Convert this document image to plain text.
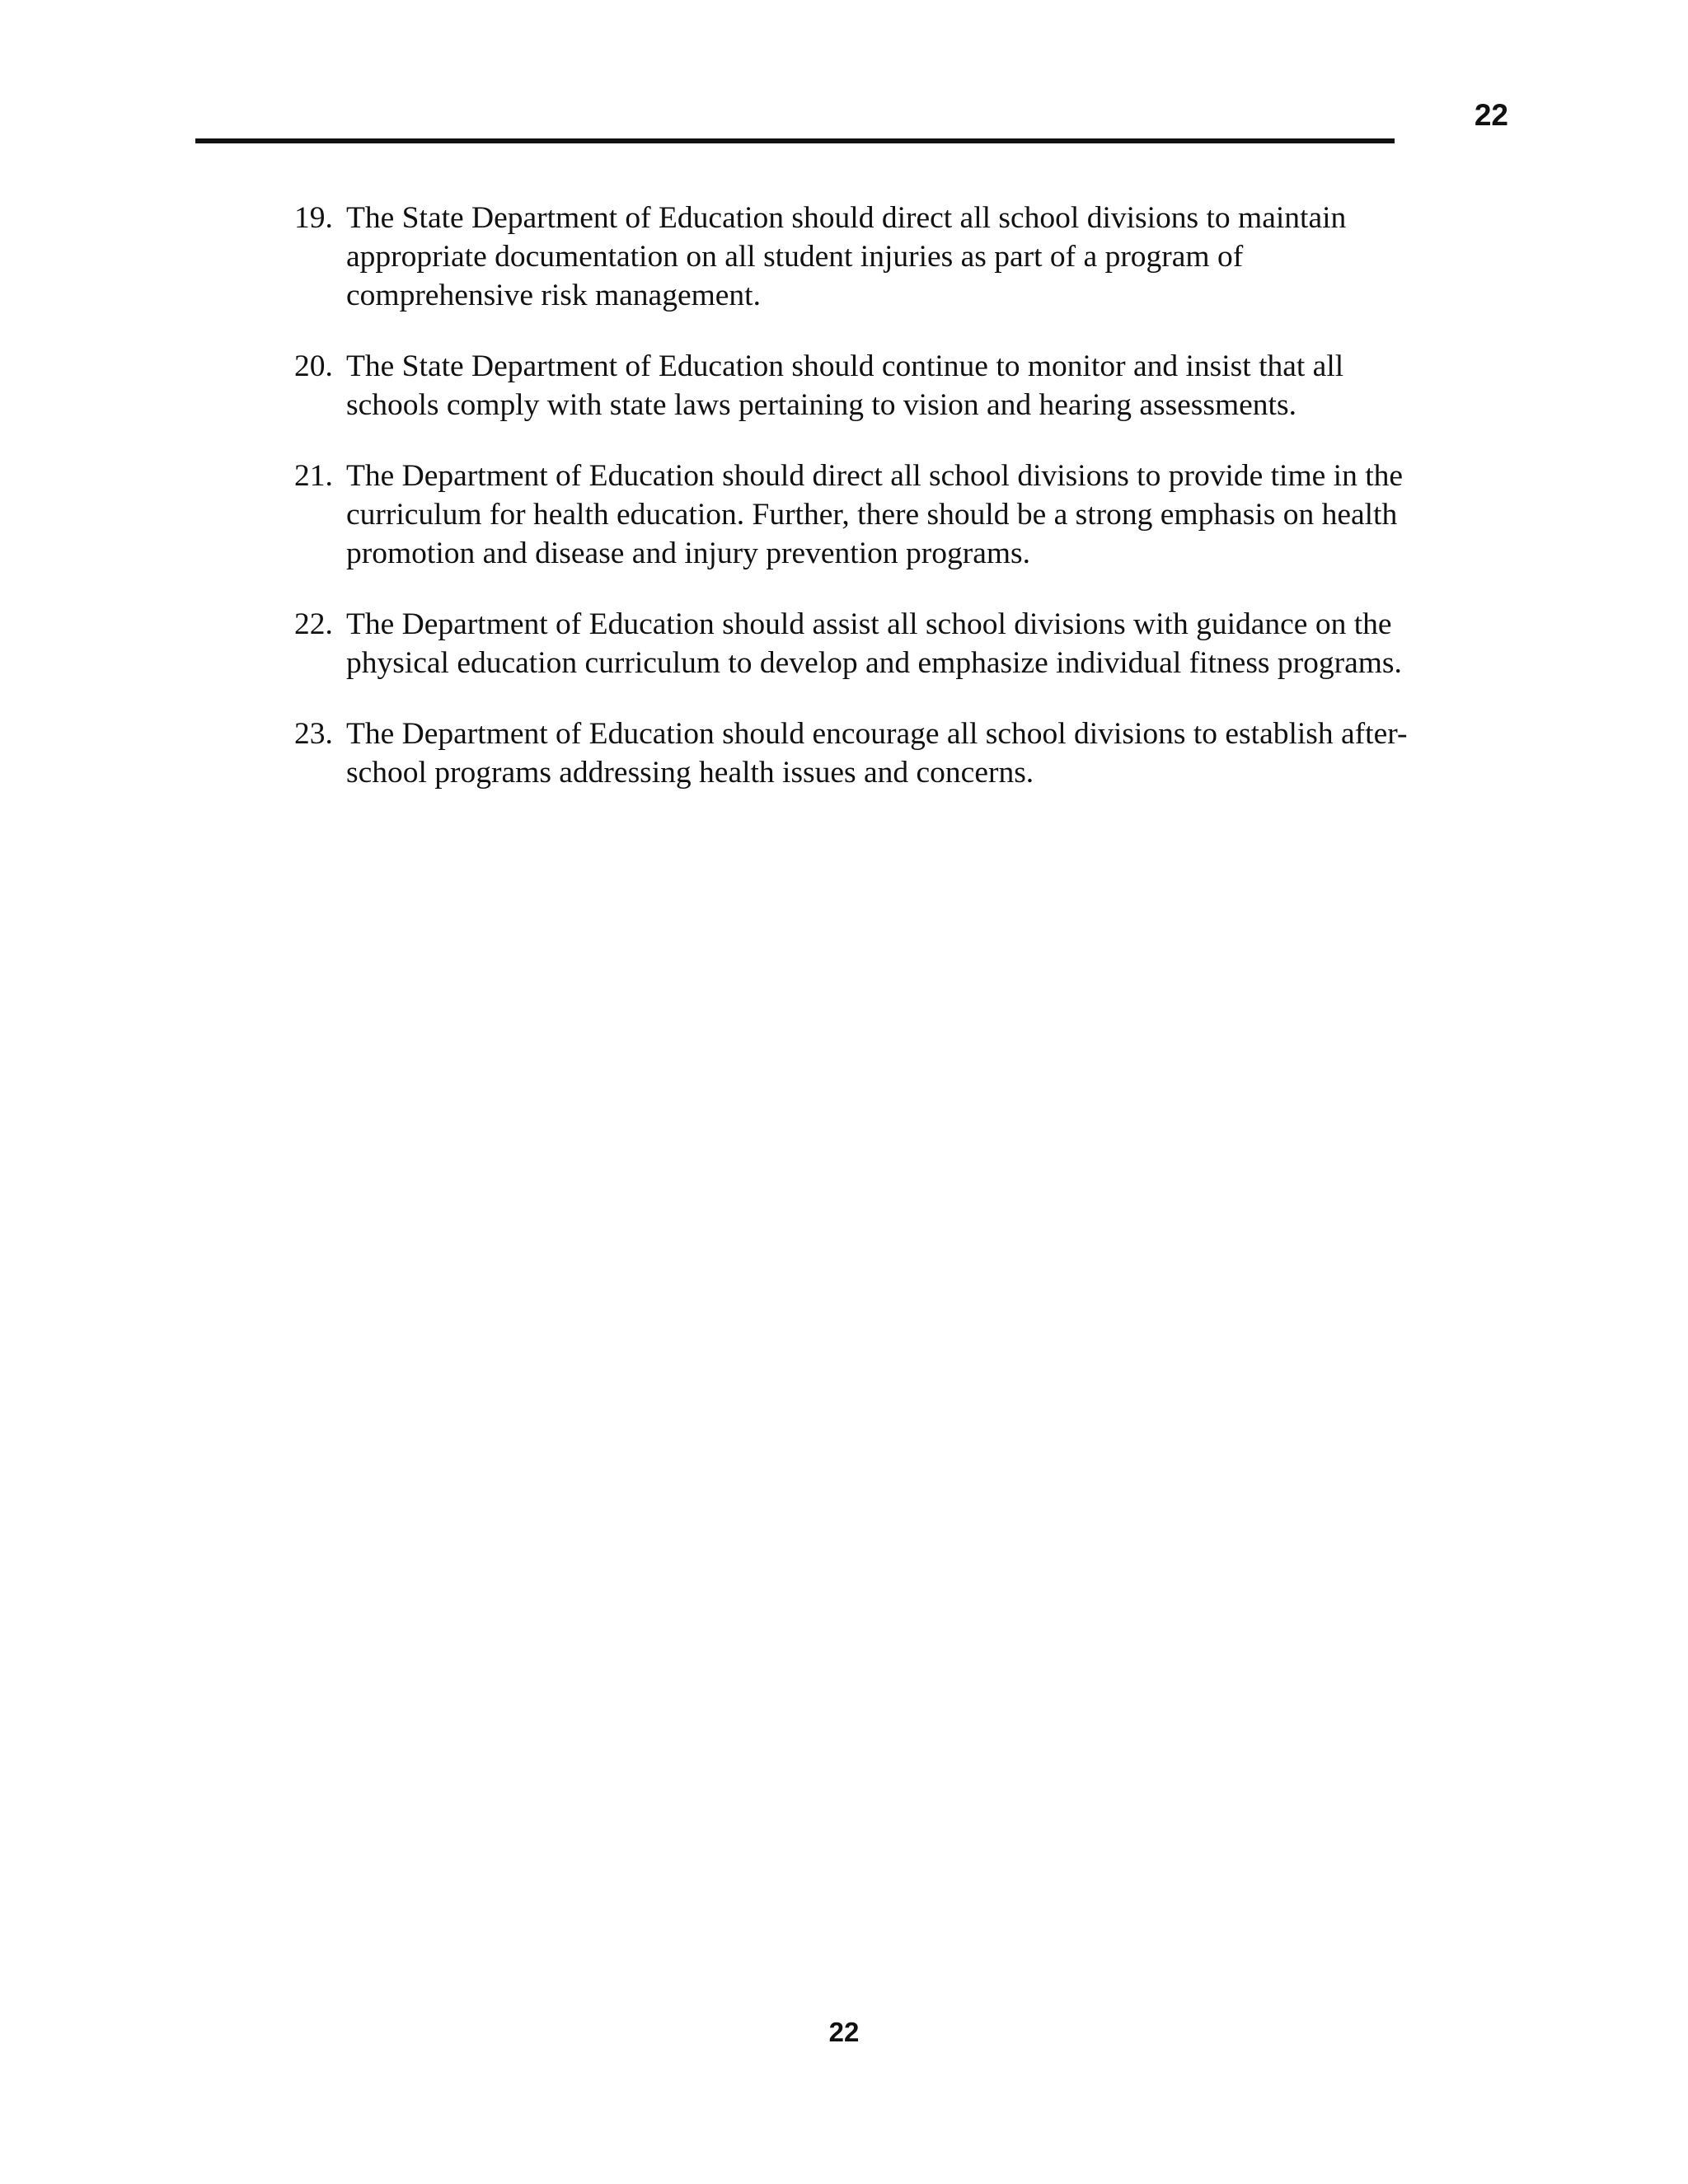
22
19. The State Department of Education should direct all school divisions to maintain
appropriate documentation on all student injuries as part of a program of
comprehensive risk management.
20. The State Department of Education should continue to monitor and insist that all
schools comply with state laws pertaining to vision and hearing assessments.
21. The Department of Education should direct all school divisions to provide time in the
curriculum for health education. Further, there should be a strong emphasis on health
promotion and disease and injury prevention programs.
22. The Department of Education should assist all school divisions with guidance on the
physical education curriculum to develop and emphasize individual fitness programs.
23. The Department of Education should encourage all school divisions to establish after-
school programs addressing health issues and concerns.
22
